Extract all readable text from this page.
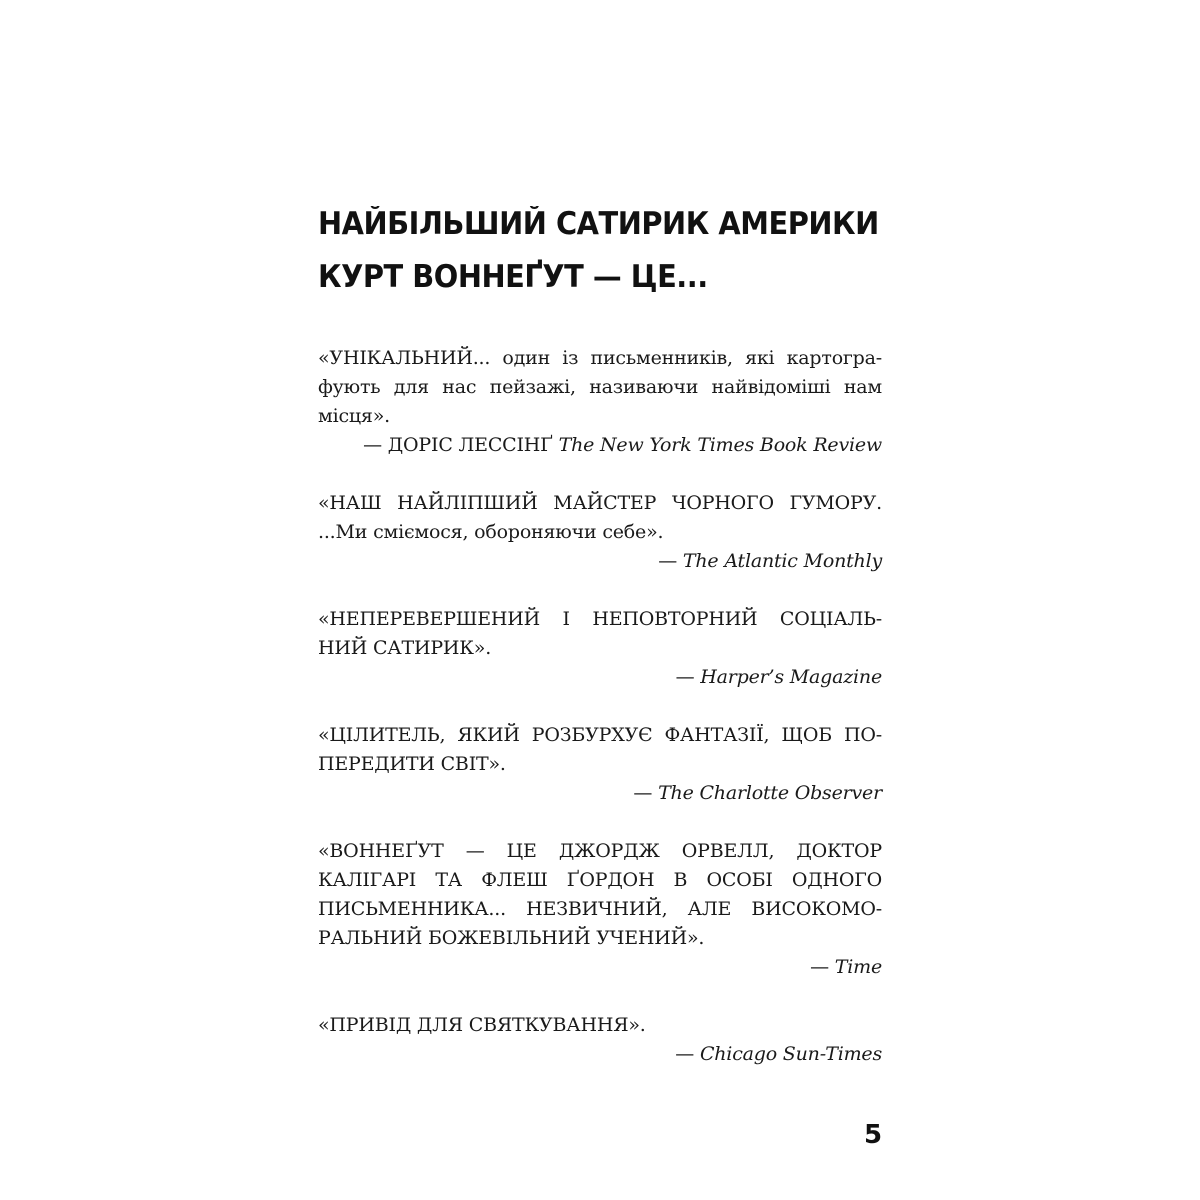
НАЙБІЛЬШИЙ САТИРИК АМЕРИКИ
КУРТ ВОННЕҐУТ — ЦЕ...

«УНІКАЛЬНИЙ... один із письменників, які картогра-
фують для нас пейзажі, називаючи найвідоміші нам
місця».

— ДОРІС ЛЕССІНҐ The New York Times Book Review

«НАШ НАЙЛІПШИЙ МАЙСТЕР ЧОРНОГО ГУМОРУ.
...Ми сміємося, обороняючи себе».

— The Atlantic Monthly

«НЕПЕРЕВЕРШЕНИЙ І НЕПОВТОРНИЙ СОЦІАЛЬ-
НИЙ САТИРИК».

— Harper’s Magazine

«ЦІЛИТЕЛЬ, ЯКИЙ РОЗБУРХУЄ ФАНТАЗІЇ, ЩОБ ПО-
ПЕРЕДИТИ СВІТ».

— The Charlotte Observer

«ВОННЕҐУТ — ЦЕ ДЖОРДЖ ОРВЕЛЛ, ДОКТОР
КАЛІГАРІ ТА ФЛЕШ ҐОРДОН В ОСОБІ ОДНОГО
ПИСЬМЕННИКА... НЕЗВИЧНИЙ, АЛЕ ВИСОКОМО-
РАЛЬНИЙ БОЖЕВІЛЬНИЙ УЧЕНИЙ».

— Time

«ПРИВІД ДЛЯ СВЯТКУВАННЯ».

— Chicago Sun-Times

5
